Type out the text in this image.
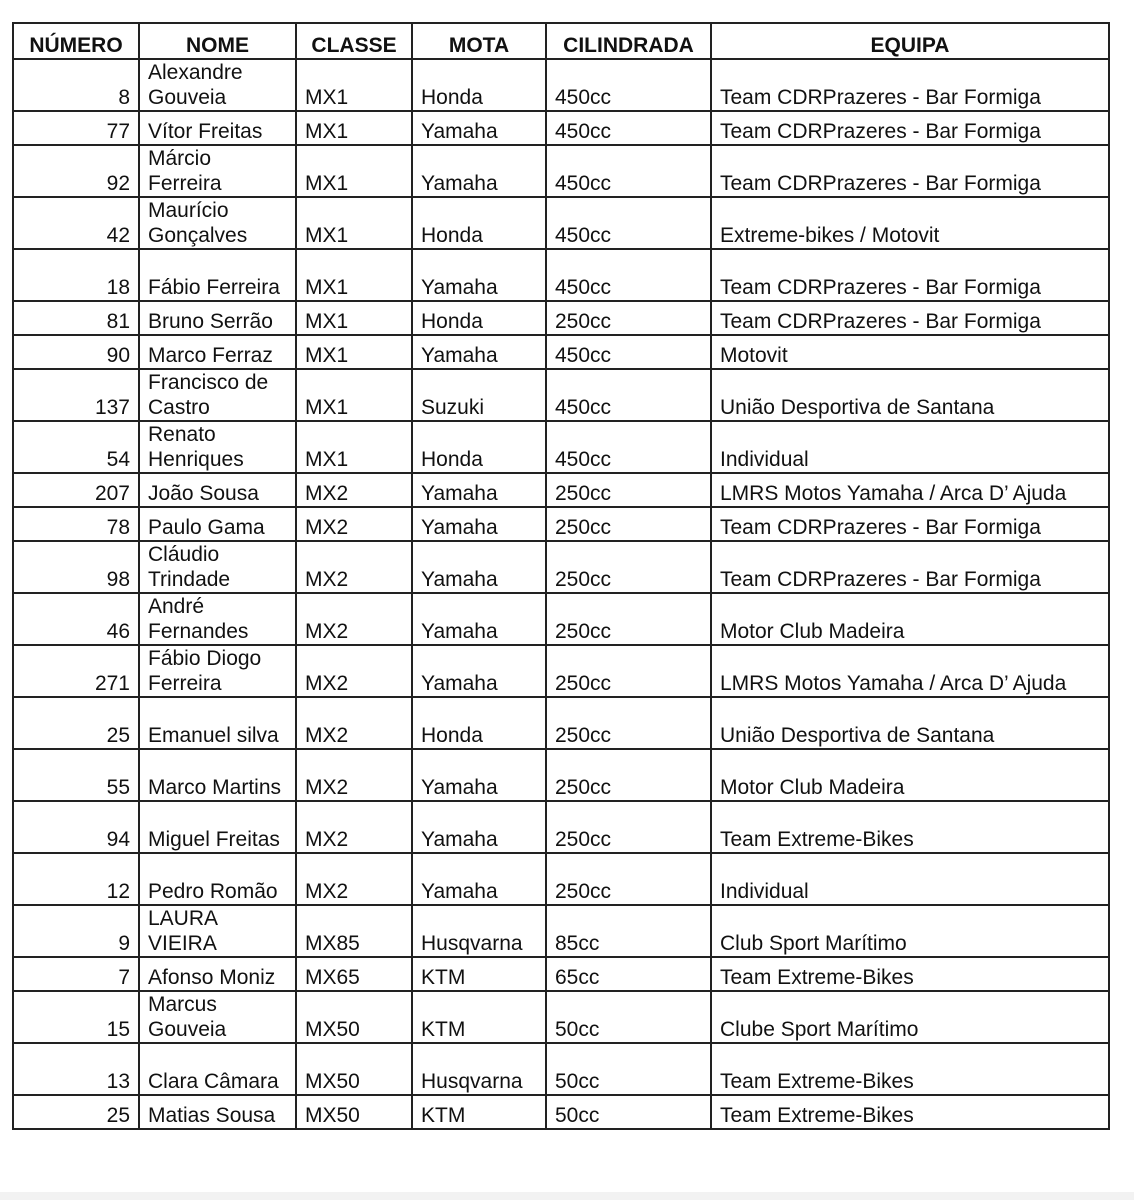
NÚMERO	NOME	CLASSE	MOTA	CILINDRADA	EQUIPA
8	Alexandre Gouveia	MX1	Honda	450cc	Team CDRPrazeres - Bar Formiga
77	Vítor Freitas	MX1	Yamaha	450cc	Team CDRPrazeres - Bar Formiga
92	Márcio Ferreira	MX1	Yamaha	450cc	Team CDRPrazeres - Bar Formiga
42	Maurício Gonçalves	MX1	Honda	450cc	Extreme-bikes / Motovit
18	Fábio Ferreira	MX1	Yamaha	450cc	Team CDRPrazeres - Bar Formiga
81	Bruno Serrão	MX1	Honda	250cc	Team CDRPrazeres - Bar Formiga
90	Marco Ferraz	MX1	Yamaha	450cc	Motovit
137	Francisco de Castro	MX1	Suzuki	450cc	União Desportiva de Santana
54	Renato Henriques	MX1	Honda	450cc	Individual
207	João Sousa	MX2	Yamaha	250cc	LMRS Motos Yamaha / Arca D’ Ajuda
78	Paulo Gama	MX2	Yamaha	250cc	Team CDRPrazeres - Bar Formiga
98	Cláudio Trindade	MX2	Yamaha	250cc	Team CDRPrazeres - Bar Formiga
46	André Fernandes	MX2	Yamaha	250cc	Motor Club Madeira
271	Fábio Diogo Ferreira	MX2	Yamaha	250cc	LMRS Motos Yamaha / Arca D’ Ajuda
25	Emanuel silva	MX2	Honda	250cc	União Desportiva de Santana
55	Marco Martins	MX2	Yamaha	250cc	Motor Club Madeira
94	Miguel Freitas	MX2	Yamaha	250cc	Team Extreme-Bikes
12	Pedro Romão	MX2	Yamaha	250cc	Individual
9	LAURA VIEIRA	MX85	Husqvarna	85cc	Club Sport Marítimo
7	Afonso Moniz	MX65	KTM	65cc	Team Extreme-Bikes
15	Marcus Gouveia	MX50	KTM	50cc	Clube Sport Marítimo
13	Clara Câmara	MX50	Husqvarna	50cc	Team Extreme-Bikes
25	Matias Sousa	MX50	KTM	50cc	Team Extreme-Bikes
